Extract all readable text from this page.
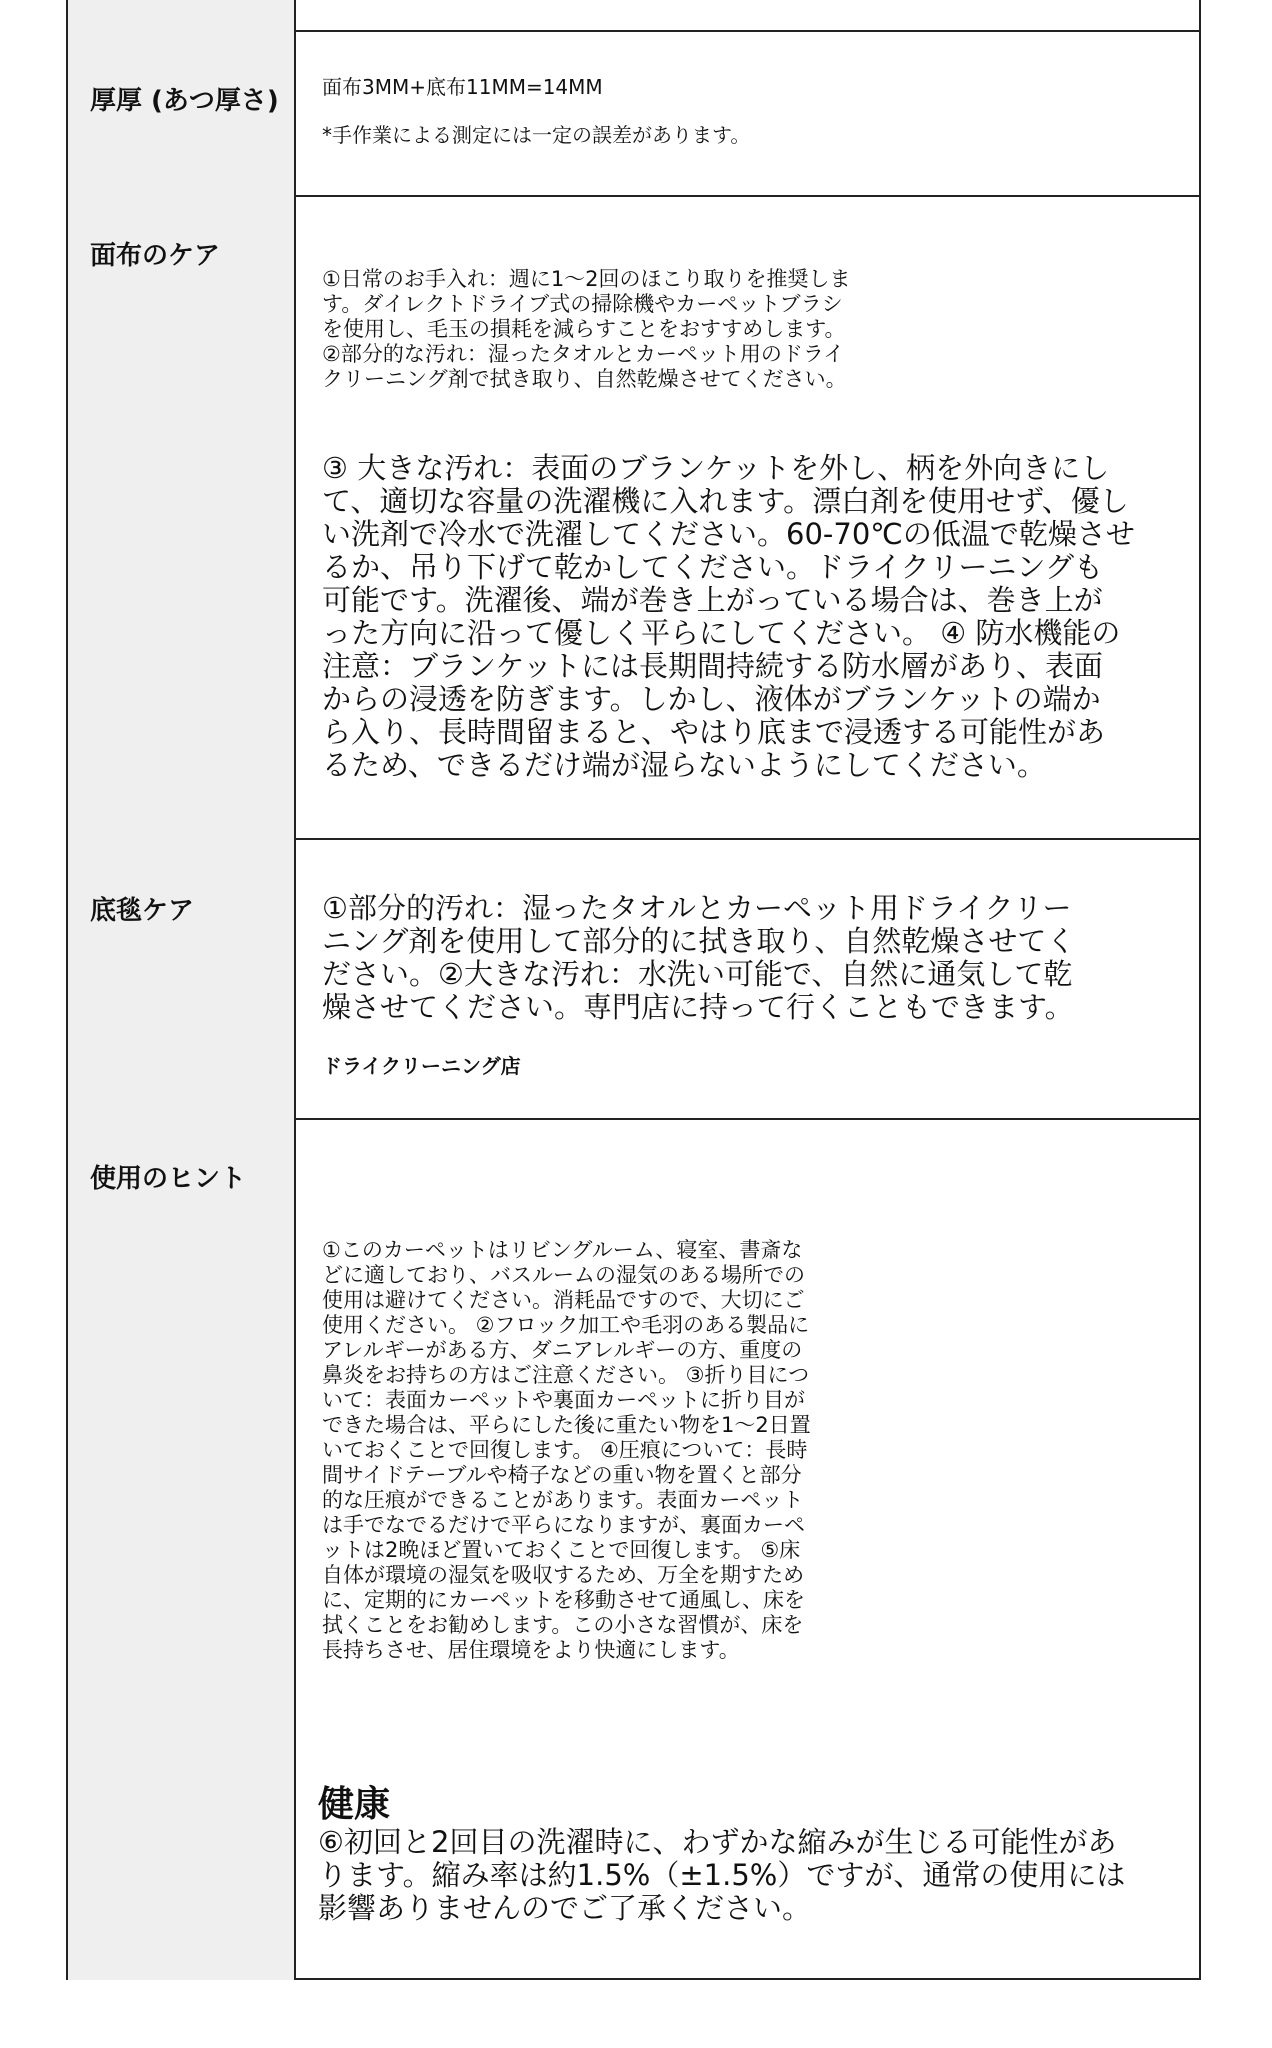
厚厚 (あつ厚さ) 面布3MM+底布11MM=14MM

*手作業による測定には一定の誤差があります。

面布のケア

①日常のお手入れ：週に1〜2回のほこり取りを推奨しま
す。ダイレクトドライブ式の掃除機やカーペットブラシ
を使用し、毛玉の損耗を減らすことをおすすめします。
②部分的な汚れ：湿ったタオルとカーペット用のドライ
クリーニング剤で拭き取り、自然乾燥させてください。

③ 大きな汚れ：表面のブランケットを外し、柄を外向きにし
て、適切な容量の洗濯機に入れます。漂白剤を使用せず、優し
い洗剤で冷水で洗濯してください。60-70℃の低温で乾燥させ
るか、吊り下げて乾かしてください。ドライクリーニングも
可能です。洗濯後、端が巻き上がっている場合は、巻き上が
った方向に沿って優しく平らにしてください。 ④ 防水機能の
注意：ブランケットには長期間持続する防水層があり、表面
からの浸透を防ぎます。しかし、液体がブランケットの端か
ら入り、長時間留まると、やはり底まで浸透する可能性があ
るため、できるだけ端が湿らないようにしてください。

底毯ケア	①部分的汚れ：湿ったタオルとカーペット用ドライクリー
ニング剤を使用して部分的に拭き取り、自然乾燥させてく
ださい。②大きな汚れ：水洗い可能で、自然に通気して乾
燥させてください。専門店に持って行くこともできます。

ドライクリーニング店

使用のヒント

①このカーペットはリビングルーム、寝室、書斎な
どに適しており、バスルームの湿気のある場所での
使用は避けてください。消耗品ですので、大切にご
使用ください。 ②フロック加工や毛羽のある製品に
アレルギーがある方、ダニアレルギーの方、重度の
鼻炎をお持ちの方はご注意ください。 ③折り目につ
いて：表面カーペットや裏面カーペットに折り目が
できた場合は、平らにした後に重たい物を1〜2日置
いておくことで回復します。 ④圧痕について：長時
間サイドテーブルや椅子などの重い物を置くと部分
的な圧痕ができることがあります。表面カーペット
は手でなでるだけで平らになりますが、裏面カーペ
ットは2晩ほど置いておくことで回復します。 ⑤床
自体が環境の湿気を吸収するため、万全を期すため
に、定期的にカーペットを移動させて通風し、床を
拭くことをお勧めします。この小さな習慣が、床を
長持ちさせ、居住環境をより快適にします。

健康

⑥初回と2回目の洗濯時に、わずかな縮みが生じる可能性があ
ります。縮み率は約1.5%（±1.5%）ですが、通常の使用には
影響ありませんのでご了承ください。
